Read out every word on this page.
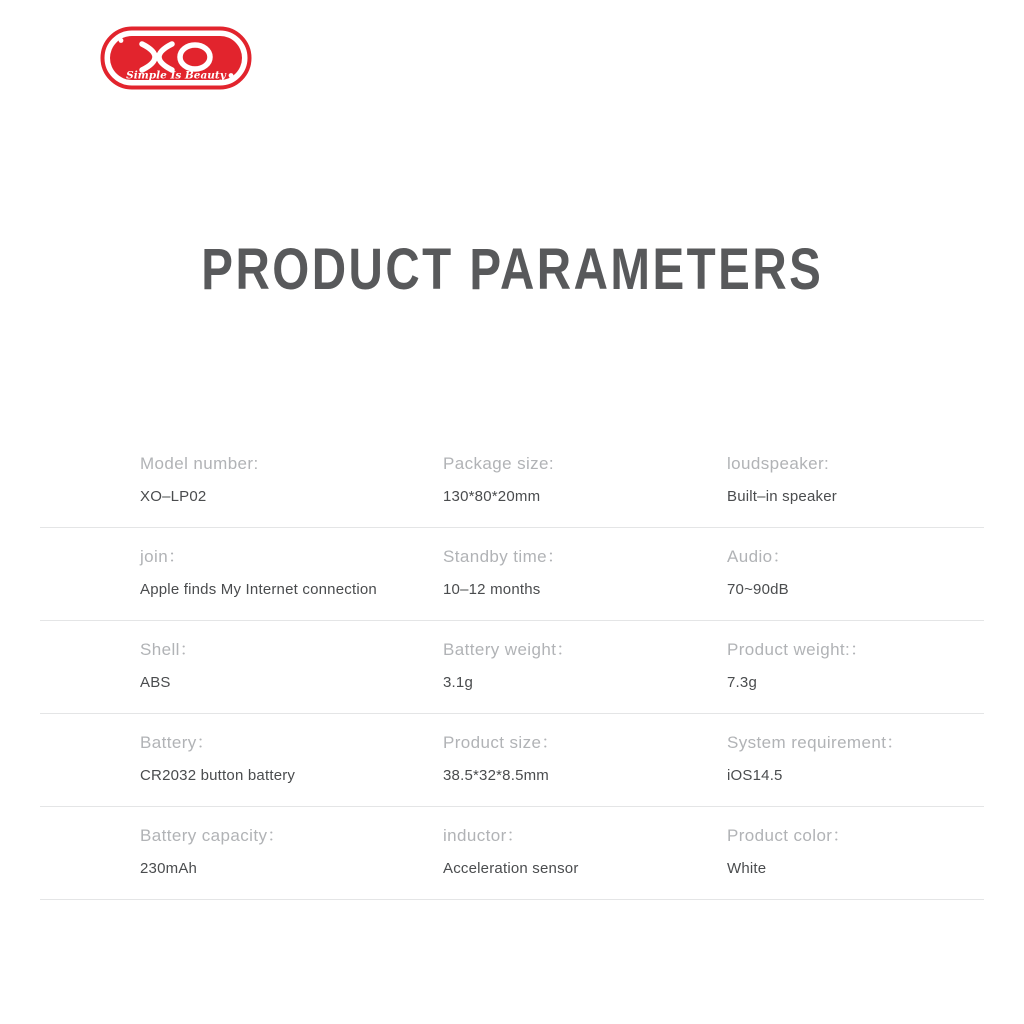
Simple Is Beauty
PRODUCT PARAMETERS
Model number:
XO–LP02
Package size:
130*80*20mm
loudspeaker:
Built–in speaker
join：
Apple finds My Internet connection
Standby time：
10–12 months
Audio：
70~90dB
Shell：
ABS
Battery weight：
3.1g
Product weight:：
7.3g
Battery：
CR2032 button battery
Product size：
38.5*32*8.5mm
System requirement：
iOS14.5
Battery capacity：
230mAh
inductor：
Acceleration sensor
Product color：
White
